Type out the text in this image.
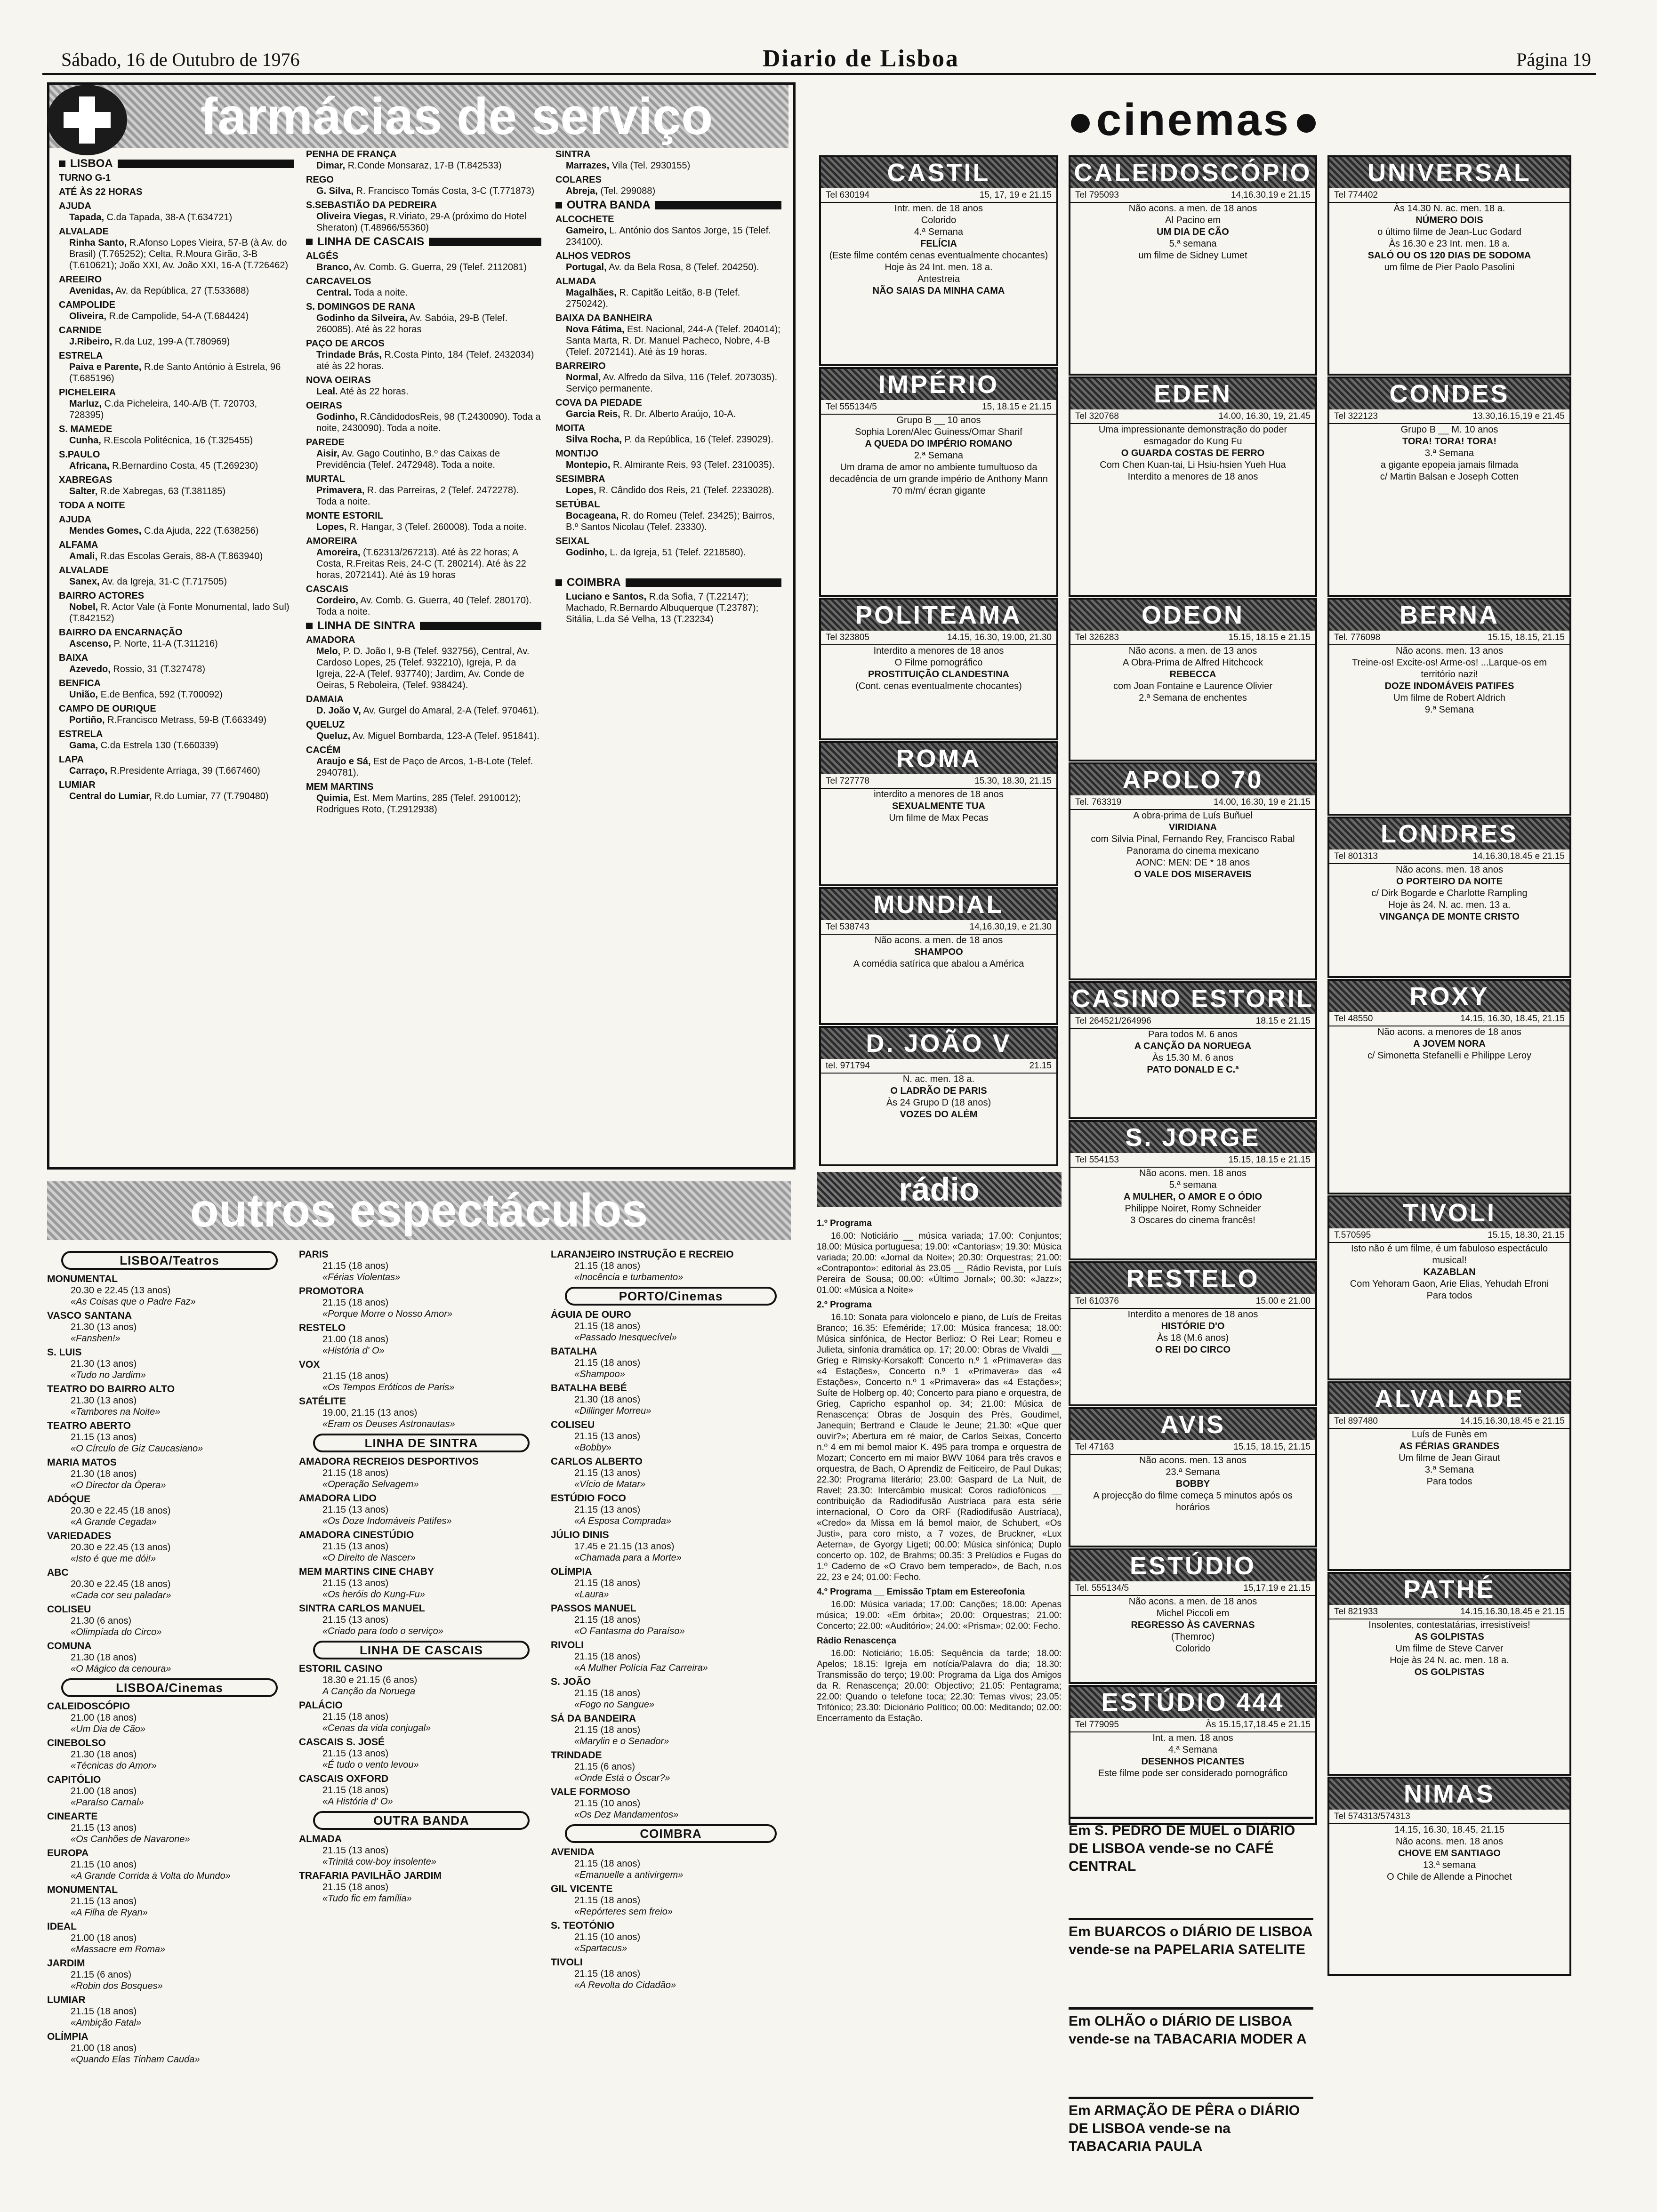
Sábado, 16 de Outubro de 1976	Diario de Lisboa	Página 19
farmácias de serviço
LISBOA
TURNO G-1
ATÉ ÀS 22 HORAS
AJUDA
Tapada, C.da Tapada, 38-A (T.634721)
ALVALADE
Rinha Santo, R.Afonso Lopes Vieira, 57-B (à Av. do Brasil) (T.765252); Celta, R.Moura Girão, 3-B (T.610621); João XXI, Av. João XXI, 16-A (T.726462)
AREEIRO
Avenidas, Av. da República, 27 (T.533688)
CAMPOLIDE
Oliveira, R.de Campolide, 54-A (T.684424)
CARNIDE
J.Ribeiro, R.da Luz, 199-A (T.780969)
ESTRELA
Paiva e Parente, R.de Santo António à Estrela, 96 (T.685196)
PICHELEIRA
Marluz, C.da Picheleira, 140-A/B (T. 720703, 728395)
S. MAMEDE
Cunha, R.Escola Politécnica, 16 (T.325455)
S.PAULO
Africana, R.Bernardino Costa, 45 (T.269230)
XABREGAS
Salter, R.de Xabregas, 63 (T.381185)
TODA A NOITE
AJUDA
Mendes Gomes, C.da Ajuda, 222 (T.638256)
ALFAMA
Amali, R.das Escolas Gerais, 88-A (T.863940)
ALVALADE
Sanex, Av. da Igreja, 31-C (T.717505)
BAIRRO ACTORES
Nobel, R. Actor Vale (à Fonte Monumental, lado Sul) (T.842152)
BAIRRO DA ENCARNAÇÃO
Ascenso, P. Norte, 11-A (T.311216)
BAIXA
Azevedo, Rossio, 31 (T.327478)
BENFICA
União, E.de Benfica, 592 (T.700092)
CAMPO DE OURIQUE
Portiño, R.Francisco Metrass, 59-B (T.663349)
ESTRELA
Gama, C.da Estrela 130 (T.660339)
LAPA
Carraço, R.Presidente Arriaga, 39 (T.667460)
LUMIAR
Central do Lumiar, R.do Lumiar, 77 (T.790480)
PENHA DE FRANÇA
Dimar, R.Conde Monsaraz, 17-B (T.842533)
REGO
G. Silva, R. Francisco Tomás Costa, 3-C (T.771873)
S.SEBASTIÃO DA PEDREIRA
Oliveira Viegas, R.Viriato, 29-A (próximo do Hotel Sheraton) (T.48966/55360)
LINHA DE CASCAIS
ALGÉS
Branco, Av. Comb. G. Guerra, 29 (Telef. 2112081)
CARCAVELOS
Central. Toda a noite.
S. DOMINGOS DE RANA
Godinho da Silveira, Av. Sabóia, 29-B (Telef. 260085). Até às 22 horas
PAÇO DE ARCOS
Trindade Brás, R.Costa Pinto, 184 (Telef. 2432034) até às 22 horas.
NOVA OEIRAS
Leal. Até às 22 horas.
OEIRAS
Godinho, R.CândidodosReis, 98 (T.2430090). Toda a noite, 2430090). Toda a noite.
PAREDE
Aisir, Av. Gago Coutinho, B.º das Caixas de Previdência (Telef. 2472948). Toda a noite.
MURTAL
Primavera, R. das Parreiras, 2 (Telef. 2472278). Toda a noite.
MONTE ESTORIL
Lopes, R. Hangar, 3 (Telef. 260008). Toda a noite.
AMOREIRA
Amoreira, (T.62313/267213). Até às 22 horas; A Costa, R.Freitas Reis, 24-C (T. 280214). Até às 22 horas, 2072141). Até às 19 horas
CASCAIS
Cordeiro, Av. Comb. G. Guerra, 40 (Telef. 280170). Toda a noite.
LINHA DE SINTRA
AMADORA
Melo, P. D. João I, 9-B (Telef. 932756), Central, Av. Cardoso Lopes, 25 (Telef. 932210), Igreja, P. da Igreja, 22-A (Telef. 937740); Jardim, Av. Conde de Oeiras, 5 Reboleira, (Telef. 938424).
DAMAIA
D. João V, Av. Gurgel do Amaral, 2-A (Telef. 970461).
QUELUZ
Queluz, Av. Miguel Bombarda, 123-A (Telef. 951841).
CACÉM
Araujo e Sá, Est de Paço de Arcos, 1-B-Lote (Telef. 2940781).
MEM MARTINS
Quimia, Est. Mem Martins, 285 (Telef. 2910012); Rodrigues Roto, (T.2912938)
SINTRA
Marrazes, Vila (Tel. 2930155)
COLARES
Abreja, (Tel. 299088)
OUTRA BANDA
ALCOCHETE
Gameiro, L. António dos Santos Jorge, 15 (Telef. 234100).
ALHOS VEDROS
Portugal, Av. da Bela Rosa, 8 (Telef. 204250).
ALMADA
Magalhães, R. Capitão Leitão, 8-B (Telef. 2750242).
BAIXA DA BANHEIRA
Nova Fátima, Est. Nacional, 244-A (Telef. 204014); Santa Marta, R. Dr. Manuel Pacheco, Nobre, 4-B (Telef. 2072141). Até às 19 horas.
BARREIRO
Normal, Av. Alfredo da Silva, 116 (Telef. 2073035). Serviço permanente.
COVA DA PIEDADE
Garcia Reis, R. Dr. Alberto Araújo, 10-A.
MOITA
Silva Rocha, P. da República, 16 (Telef. 239029).
MONTIJO
Montepio, R. Almirante Reis, 93 (Telef. 2310035).
SESIMBRA
Lopes, R. Cândido dos Reis, 21 (Telef. 2233028).
SETÚBAL
Bocageana, R. do Romeu (Telef. 23425); Bairros, B.º Santos Nicolau (Telef. 23330).
SEIXAL
Godinho, L. da Igreja, 51 (Telef. 2218580).
COIMBRA
Luciano e Santos, R.da Sofia, 7 (T.22147); Machado, R.Bernardo Albuquerque (T.23787); Sitália, L.da Sé Velha, 13 (T.23234)
outros espectáculos
LISBOA/Teatros
MONUMENTAL
20.30 e 22.45 (13 anos)
«As Coisas que o Padre Faz»
VASCO SANTANA
21.30 (13 anos)
«Fanshen!»
S. LUIS
21.30 (13 anos)
«Tudo no Jardim»
TEATRO DO BAIRRO ALTO
21.30 (13 anos)
«Tambores na Noite»
TEATRO ABERTO
21.15 (13 anos)
«O Círculo de Giz Caucasiano»
MARIA MATOS
21.30 (18 anos)
«O Director da Ópera»
ADÓQUE
20.30 e 22.45 (18 anos)
«A Grande Cegada»
VARIEDADES
20.30 e 22.45 (13 anos)
«Isto é que me dói!»
ABC
20.30 e 22.45 (18 anos)
«Cada cor seu paladar»
COLISEU
21.30 (6 anos)
«Olimpíada do Circo»
COMUNA
21.30 (18 anos)
«O Mágico da cenoura»
LISBOA/Cinemas
CALEIDOSCÓPIO
21.00 (18 anos)
«Um Dia de Cão»
CINEBOLSO
21.30 (18 anos)
«Técnicas do Amor»
CAPITÓLIO
21.00 (18 anos)
«Paraíso Carnal»
CINEARTE
21.15 (13 anos)
«Os Canhões de Navarone»
EUROPA
21.15 (10 anos)
«A Grande Corrida à Volta do Mundo»
MONUMENTAL
21.15 (13 anos)
«A Filha de Ryan»
IDEAL
21.00 (18 anos)
«Massacre em Roma»
JARDIM
21.15 (6 anos)
«Robin dos Bosques»
LUMIAR
21.15 (18 anos)
«Ambição Fatal»
OLÍMPIA
21.00 (18 anos)
«Quando Elas Tinham Cauda»
PARIS
21.15 (18 anos)
«Férias Violentas»
PROMOTORA
21.15 (18 anos)
«Porque Morre o Nosso Amor»
RESTELO
21.00 (18 anos)
«História d' O»
VOX
21.15 (18 anos)
«Os Tempos Eróticos de Paris»
SATÉLITE
19.00, 21.15 (13 anos)
«Eram os Deuses Astronautas»
LINHA DE SINTRA
AMADORA RECREIOS DESPORTIVOS
21.15 (18 anos)
«Operação Selvagem»
AMADORA LIDO
21.15 (13 anos)
«Os Doze Indomáveis Patifes»
AMADORA CINESTÚDIO
21.15 (13 anos)
«O Direito de Nascer»
MEM MARTINS CINE CHABY
21.15 (13 anos)
«Os heróis do Kung-Fu»
SINTRA CARLOS MANUEL
21.15 (13 anos)
«Criado para todo o serviço»
LINHA DE CASCAIS
ESTORIL CASINO
18.30 e 21.15 (6 anos)
A Canção da Noruega
PALÁCIO
21.15 (18 anos)
«Cenas da vida conjugal»
CASCAIS S. JOSÉ
21.15 (13 anos)
«É tudo o vento levou»
CASCAIS OXFORD
21.15 (18 anos)
«A História d' O»
OUTRA BANDA
ALMADA
21.15 (13 anos)
«Trinitá cow-boy insolente»
TRAFARIA PAVILHÃO JARDIM
21.15 (18 anos)
«Tudo fic em família»
LARANJEIRO INSTRUÇÃO E RECREIO
21.15 (18 anos)
«Inocência e turbamento»
PORTO/Cinemas
ÁGUIA DE OURO
21.15 (18 anos)
«Passado Inesquecível»
BATALHA
21.15 (18 anos)
«Shampoo»
BATALHA BEBÉ
21.30 (18 anos)
«Dillinger Morreu»
COLISEU
21.15 (13 anos)
«Bobby»
CARLOS ALBERTO
21.15 (13 anos)
«Vício de Matar»
ESTÚDIO FOCO
21.15 (13 anos)
«A Esposa Comprada»
JÚLIO DINIS
17.45 e 21.15 (13 anos)
«Chamada para a Morte»
OLÍMPIA
21.15 (18 anos)
«Laura»
PASSOS MANUEL
21.15 (18 anos)
«O Fantasma do Paraíso»
RIVOLI
21.15 (18 anos)
«A Mulher Polícia Faz Carreira»
S. JOÃO
21.15 (18 anos)
«Fogo no Sangue»
SÁ DA BANDEIRA
21.15 (18 anos)
«Marylin e o Senador»
TRINDADE
21.15 (6 anos)
«Onde Está o Óscar?»
VALE FORMOSO
21.15 (10 anos)
«Os Dez Mandamentos»
COIMBRA
AVENIDA
21.15 (18 anos)
«Emanuelle a antivirgem»
GIL VICENTE
21.15 (18 anos)
«Repórteres sem freio»
S. TEOTÓNIO
21.15 (10 anos)
«Spartacus»
TIVOLI
21.15 (18 anos)
«A Revolta do Cidadão»
cinemas
CASTIL
Tel 630194	15, 17, 19 e 21.15
Intr. men. de 18 anos
Colorido
4.ª Semana
FELÍCIA
(Este filme contém cenas eventualmente chocantes)
Hoje às 24 Int. men. 18 a.
Antestreia
NÃO SAIAS DA MINHA CAMA
IMPÉRIO
Tel 555134/5	15, 18.15 e 21.15
Grupo B __ 10 anos
Sophia Loren/Alec Guiness/Omar Sharif
A QUEDA DO IMPÉRIO ROMANO
2.ª Semana
Um drama de amor no ambiente tumultuoso da decadência de um grande império de Anthony Mann
70 m/m/ écran gigante
POLITEAMA
Tel 323805	14.15, 16.30, 19.00, 21.30
Interdito a menores de 18 anos
O Filme pornográfico
PROSTITUIÇÃO CLANDESTINA
(Cont. cenas eventualmente chocantes)
ROMA
Tel 727778	15.30, 18.30, 21.15
interdito a menores de 18 anos
SEXUALMENTE TUA
Um filme de Max Pecas
MUNDIAL
Tel 538743	14,16.30,19, e 21.30
Não acons. a men. de 18 anos
SHAMPOO
A comédia satírica que abalou a América
D. JOÃO V
tel. 971794	21.15
N. ac. men. 18 a.
O LADRÃO DE PARIS
Às 24 Grupo D (18 anos)
VOZES DO ALÉM
CALEIDOSCÓPIO
Tel 795093	14,16.30,19 e 21.15
Não acons. a men. de 18 anos
Al Pacino em
UM DIA DE CÃO
5.ª semana
um filme de Sidney Lumet
EDEN
Tel 320768	14.00, 16.30, 19, 21.45
Uma impressionante demonstração do poder esmagador do Kung Fu
O GUARDA COSTAS DE FERRO
Com Chen Kuan-tai, Li Hsiu-hsien Yueh Hua
Interdito a menores de 18 anos
ODEON
Tel 326283	15.15, 18.15 e 21.15
Não acons. a men. de 13 anos
A Obra-Prima de Alfred Hitchcock
REBECCA
com Joan Fontaine e Laurence Olivier
2.ª Semana de enchentes
APOLO 70
Tel. 763319	14.00, 16.30, 19 e 21.15
A obra-prima de Luís Buñuel
VIRIDIANA
com Silvia Pinal, Fernando Rey, Francisco Rabal
Panorama do cinema mexicano
AONC: MEN: DE * 18 anos
O VALE DOS MISERAVEIS
CASINO ESTORIL
Tel 264521/264996	18.15 e 21.15
Para todos M. 6 anos
A CANÇÃO DA NORUEGA
Às 15.30 M. 6 anos
PATO DONALD E C.ª
S. JORGE
Tel 554153	15.15, 18.15 e 21.15
Não acons. men. 18 anos
5.ª semana
A MULHER, O AMOR E O ÓDIO
Philippe Noiret, Romy Schneider
3 Oscares do cinema francês!
RESTELO
Tel 610376	15.00 e 21.00
Interdito a menores de 18 anos
HISTÓRIE D'O
Às 18 (M.6 anos)
O REI DO CIRCO
AVIS
Tel 47163	15.15, 18.15, 21.15
Não acons. men. 13 anos
23.ª Semana
BOBBY
A projecção do filme começa 5 minutos após os horários
ESTÚDIO
Tel. 555134/5	15,17,19 e 21.15
Não acons. a men. de 18 anos
Michel Piccoli em
REGRESSO ÀS CAVERNAS
(Themroc)
Colorido
ESTÚDIO 444
Tel 779095	Às 15.15,17,18.45 e 21.15
Int. a men. 18 anos
4.ª Semana
DESENHOS PICANTES
Este filme pode ser considerado pornográfico
UNIVERSAL
Tel 774402
Às 14.30 N. ac. men. 18 a.
NÚMERO DOIS
o último filme de Jean-Luc Godard
Às 16.30 e 23 Int. men. 18 a.
SALÓ OU OS 120 DIAS DE SODOMA
um filme de Pier Paolo Pasolini
CONDES
Tel 322123	13.30,16.15,19 e 21.45
Grupo B __ M. 10 anos
TORA! TORA! TORA!
3.ª Semana
a gigante epopeia jamais filmada
c/ Martin Balsan e Joseph Cotten
BERNA
Tel. 776098	15.15, 18.15, 21.15
Não acons. men. 13 anos
Treine-os! Excite-os! Arme-os! ...Larque-os em território nazi!
DOZE INDOMÁVEIS PATIFES
Um filme de Robert Aldrich
9.ª Semana
LONDRES
Tel 801313	14,16.30,18.45 e 21.15
Não acons. men. 18 anos
O PORTEIRO DA NOITE
c/ Dirk Bogarde e Charlotte Rampling
Hoje às 24. N. ac. men. 13 a.
VINGANÇA DE MONTE CRISTO
ROXY
Tel 48550	14.15, 16.30, 18.45, 21.15
Não acons. a menores de 18 anos
A JOVEM NORA
c/ Simonetta Stefanelli e Philippe Leroy
TIVOLI
T.570595	15.15, 18.30, 21.15
Isto não é um filme, é um fabuloso espectáculo musical!
KAZABLAN
Com Yehoram Gaon, Arie Elias, Yehudah Efroni
Para todos
ALVALADE
Tel 897480	14.15,16.30,18.45 e 21.15
Luís de Funès em
AS FÉRIAS GRANDES
Um filme de Jean Giraut
3.ª Semana
Para todos
PATHÉ
Tel 821933	14.15,16.30,18.45 e 21.15
Insolentes, contestatárias, irresistíveis!
AS GOLPISTAS
Um filme de Steve Carver
Hoje às 24 N. ac. men. 18 a.
OS GOLPISTAS
NIMAS
Tel 574313/574313
14.15, 16.30, 18.45, 21.15
Não acons. men. 18 anos
CHOVE EM SANTIAGO
13.ª semana
O Chile de Allende a Pinochet
rádio
1.º Programa

16.00: Noticiário __ música variada; 17.00: Conjuntos; 18.00: Música portuguesa; 19.00: «Cantorias»; 19.30: Música variada; 20.00: «Jornal da Noite»; 20.30: Orquestras; 21.00: «Contraponto»: editorial às 23.05 __ Rádio Revista, por Luís Pereira de Sousa; 00.00: «Último Jornal»; 00.30: «Jazz»; 01.00: «Música a Noite»

2.º Programa

16.10: Sonata para violoncelo e piano, de Luís de Freitas Branco; 16.35: Efeméride; 17.00: Música francesa; 18.00: Música sinfónica, de Hector Berlioz: O Rei Lear; Romeu e Julieta, sinfonia dramática op. 17; 20.00: Obras de Vivaldi __ Grieg e Rimsky-Korsakoff: Concerto n.º 1 «Primavera» das «4 Estações», Concerto n.º 1 «Primavera» das «4 Estações», Concerto n.º 1 «Primavera» das «4 Estações»; Suíte de Holberg op. 40; Concerto para piano e orquestra, de Grieg, Capricho espanhol op. 34; 21.00: Música de Renascença: Obras de Josquin des Près, Goudimel, Janequin; Bertrand e Claude le Jeune; 21.30: «Que quer ouvir?»; Abertura em ré maior, de Carlos Seixas, Concerto n.º 4 em mi bemol maior K. 495 para trompa e orquestra de Mozart; Concerto em mi maior BWV 1064 para três cravos e orquestra, de Bach, O Aprendiz de Feiticeiro, de Paul Dukas; 22.30: Programa literário; 23.00: Gaspard de La Nuit, de Ravel; 23.30: Intercâmbio musical: Coros radiofónicos __ contribuição da Radiodifusão Austríaca para esta série internacional, O Coro da ORF (Radiodifusão Austríaca), «Credo» da Missa em lá bemol maior, de Schubert, «Os Justi», para coro misto, a 7 vozes, de Bruckner, «Lux Aeterna», de Gyorgy Ligeti; 00.00: Música sinfónica; Duplo concerto op. 102, de Brahms; 00.35: 3 Prelúdios e Fugas do 1.º Caderno de «O Cravo bem temperado», de Bach, n.os 22, 23 e 24; 01.00: Fecho.

4.º Programa __ Emissão Tptam em Estereofonia

16.00: Música variada; 17.00: Canções; 18.00: Apenas música; 19.00: «Em órbita»; 20.00: Orquestras; 21.00: Concerto; 22.00: «Auditório»; 24.00: «Prisma»; 02.00: Fecho.

Rádio Renascença

16.00: Noticiário; 16.05: Sequência da tarde; 18.00: Apelos; 18.15: Igreja em notícia/Palavra do dia; 18.30: Transmissão do terço; 19.00: Programa da Liga dos Amigos da R. Renascença; 20.00: Objectivo; 21.05: Pentagrama; 22.00: Quando o telefone toca; 22.30: Temas vivos; 23.05: Trifónico; 23.30: Dicionário Político; 00.00: Meditando; 02.00: Encerramento da Estação.

Em S. PEDRO DE MUEL o DIÁRIO DE LISBOA vende-se no CAFÉ CENTRAL
Em BUARCOS o DIÁRIO DE LISBOA vende-se na PAPELARIA SATELITE
Em OLHÃO o DIÁRIO DE LISBOA vende-se na TABACARIA MODER A
Em ARMAÇÃO DE PÊRA o DIÁRIO DE LISBOA vende-se na TABACARIA PAULA
